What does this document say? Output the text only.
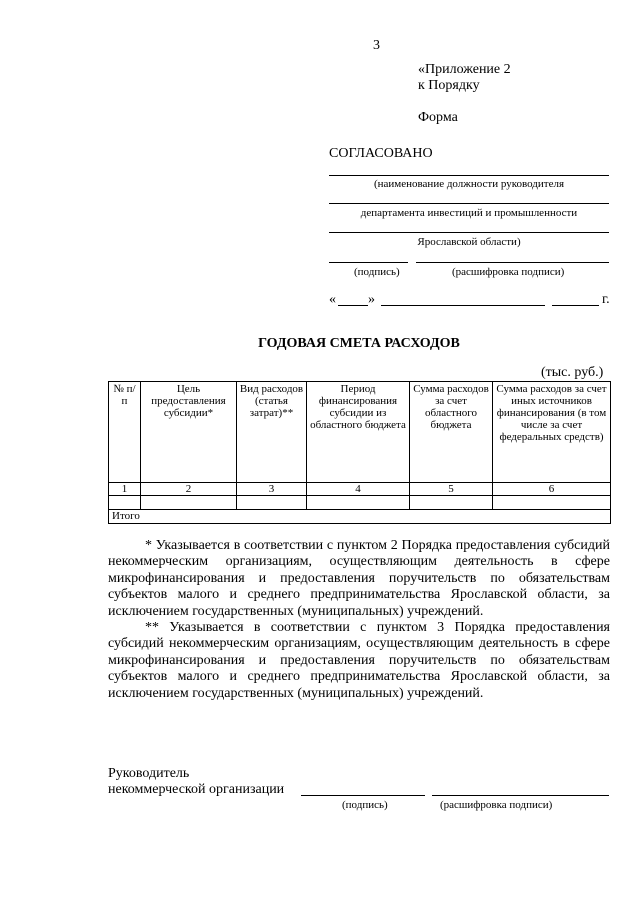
3
«Приложение 2
к Порядку
Форма
СОГЛАСОВАНО
(наименование должности руководителя
департамента инвестиций и промышленности
Ярославской области)
(подпись)	(расшифровка подписи)
« »	г.
ГОДОВАЯ СМЕТА РАСХОДОВ
(тыс. руб.)
№ п/п	Цель предоставления субсидии*	Вид расходов (статья затрат)**	Период финансирования субсидии из областного бюджета	Сумма расходов за счет областного бюджета	Сумма расходов за счет иных источников финансирования (в том числе за счет федеральных средств)
1	2	3	4	5	6

Итого					

* Указывается в соответствии с пунктом 2 Порядка предоставления субсидий некоммерческим организациям, осуществляющим деятельность в сфере микрофинансирования и предоставления поручительств по обязательствам субъектов малого и среднего предпринимательства Ярославской области, за исключением государственных (муниципальных) учреждений.

** Указывается в соответствии с пунктом 3 Порядка предоставления субсидий некоммерческим организациям, осуществляющим деятельность в сфере микрофинансирования и предоставления поручительств по обязательствам субъектов малого и среднего предпринимательства Ярославской области, за исключением государственных (муниципальных) учреждений.

Руководитель
некоммерческой организации
(подпись)	(расшифровка подписи)
